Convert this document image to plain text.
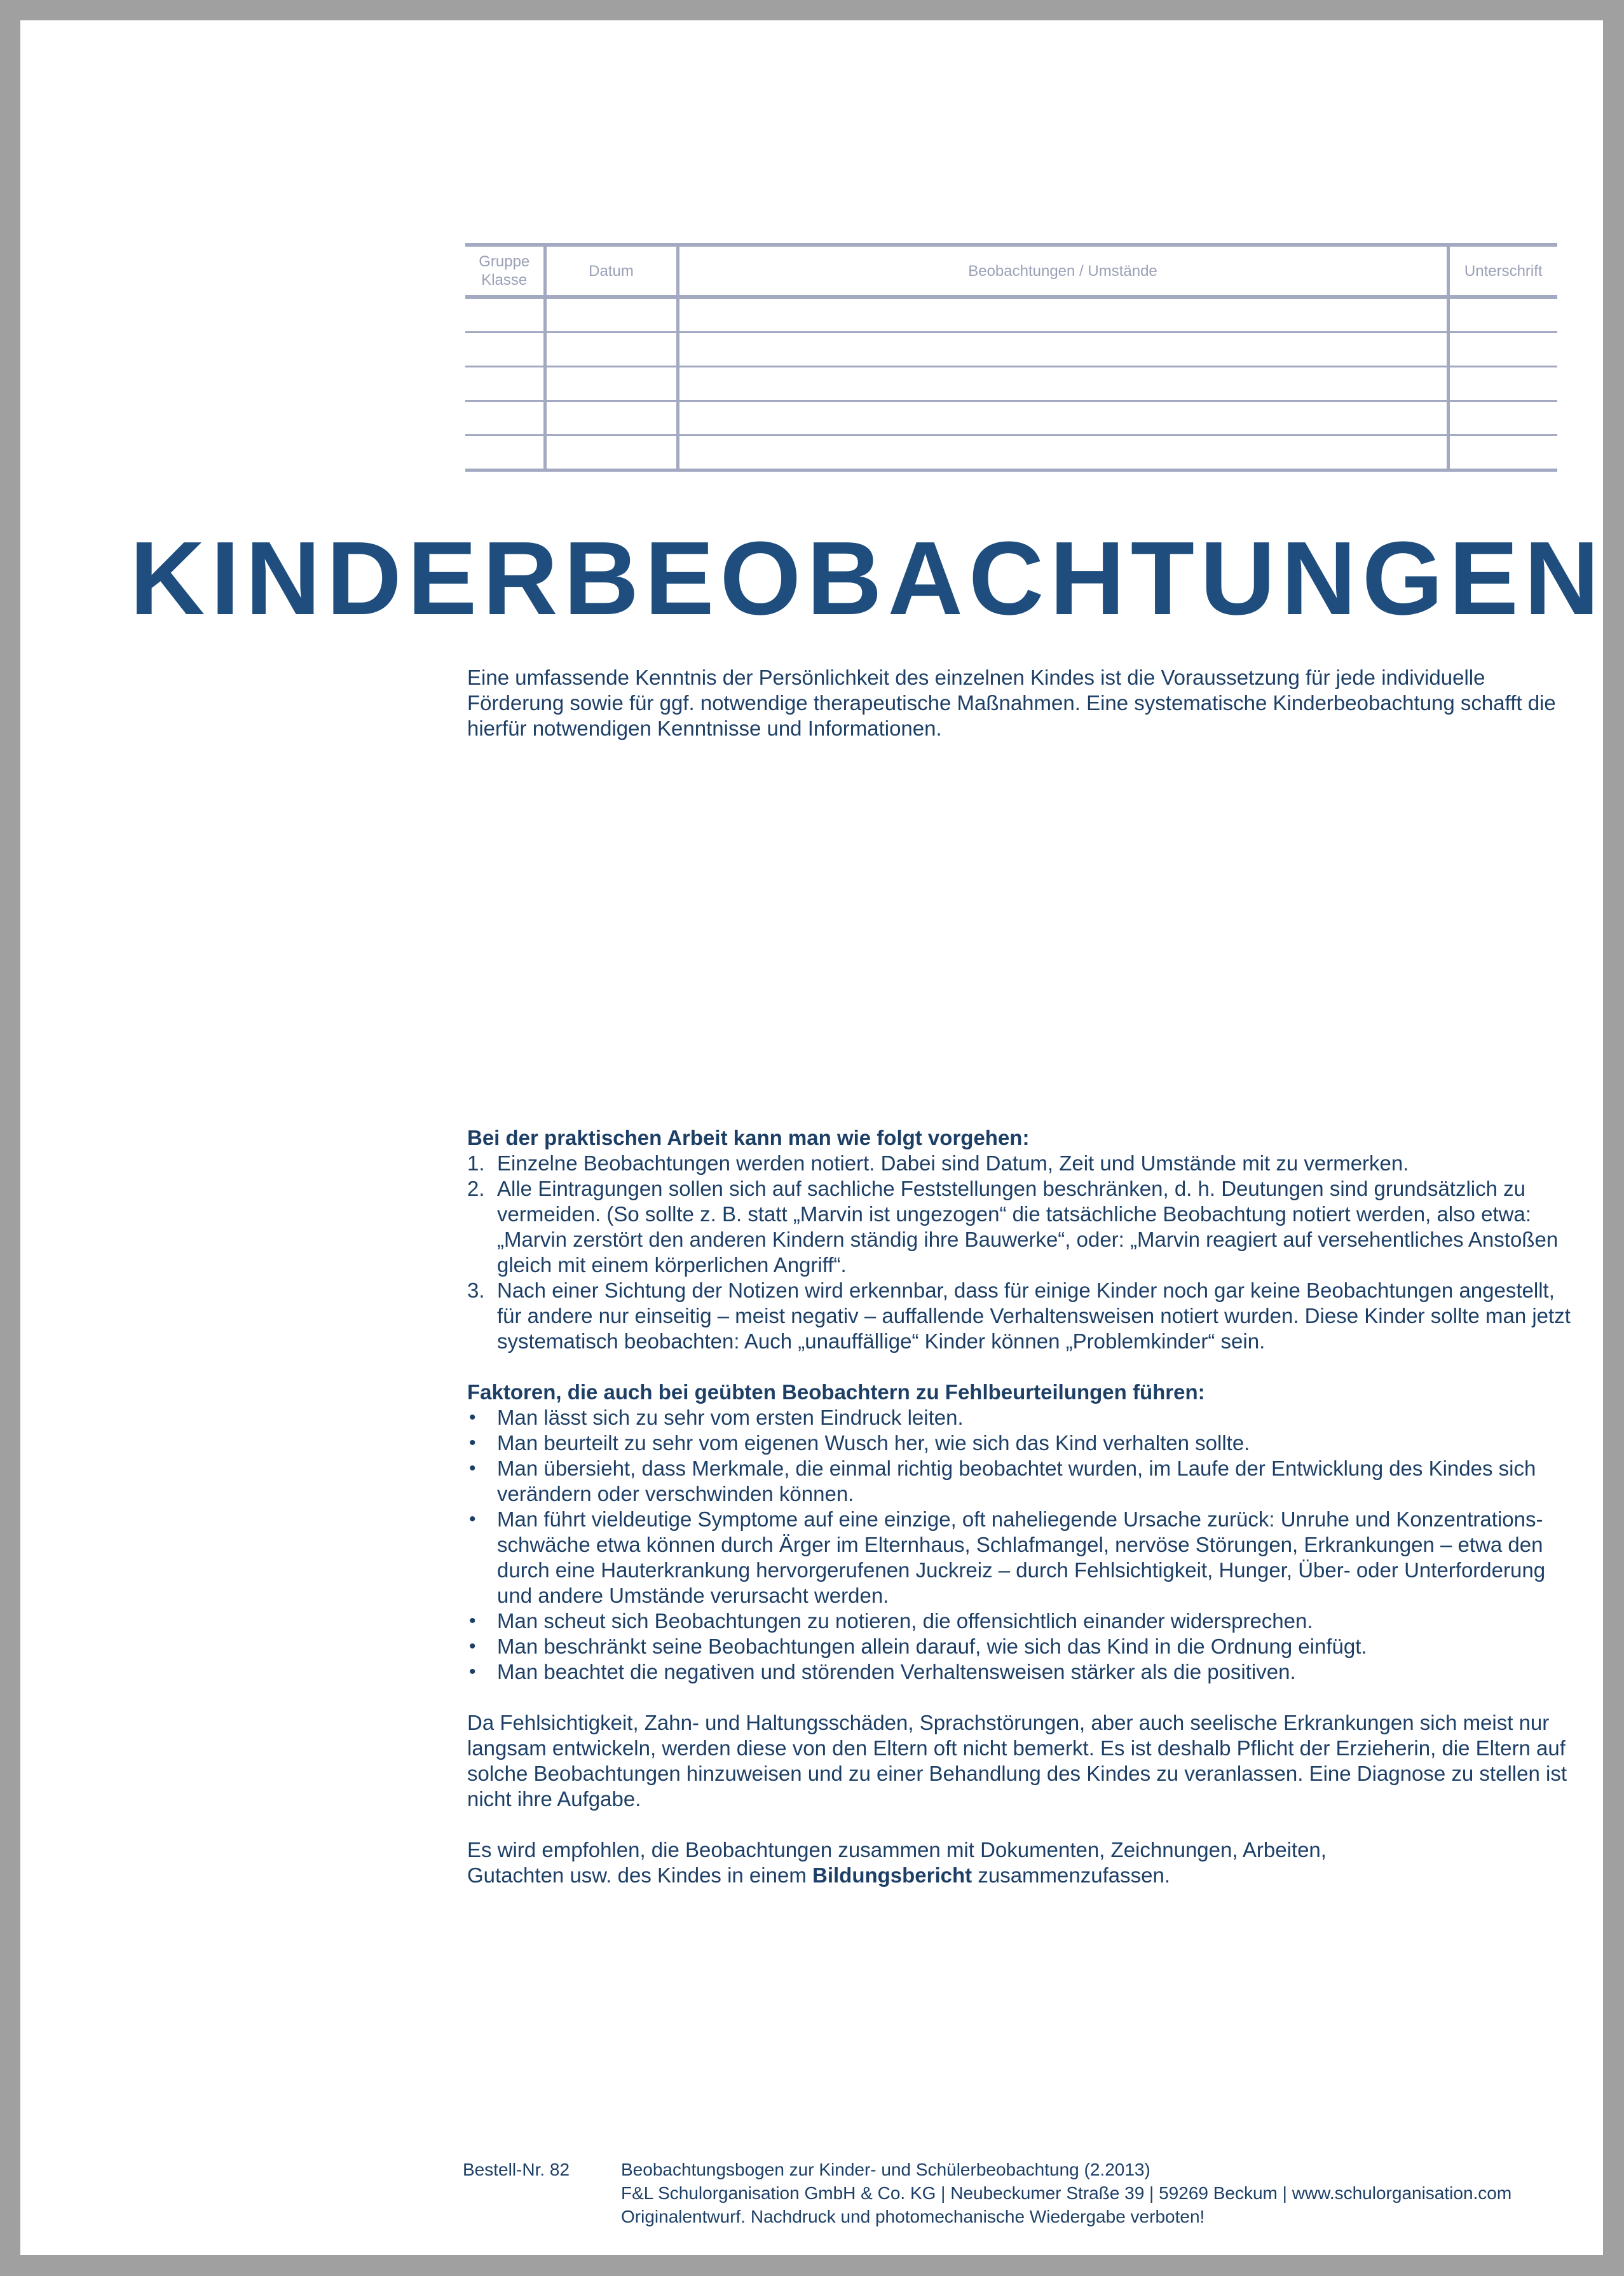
Gruppe
Klasse	Datum	Beobachtungen / Umstände	Unterschrift

KINDERBEOBACHTUNGEN

Eine umfassende Kenntnis der Persönlichkeit des einzelnen Kindes ist die Voraussetzung für jede individuelle Förderung sowie für ggf. notwendige therapeutische Maßnahmen. Eine systematische Kinderbeobachtung schafft die hierfür notwendigen Kenntnisse und Informationen.

Bei der praktischen Arbeit kann man wie folgt vorgehen:

1. Einzelne Beobachtungen werden notiert. Dabei sind Datum, Zeit und Umstände mit zu vermerken.
2. Alle Eintragungen sollen sich auf sachliche Feststellungen beschränken, d. h. Deutungen sind grundsätzlich zu vermeiden. (So sollte z. B. statt „Marvin ist ungezogen“ die tatsächliche Beobachtung notiert werden, also etwa: „Marvin zerstört den anderen Kindern ständig ihre Bauwerke“, oder: „Marvin reagiert auf versehentliches Anstoßen gleich mit einem körperlichen Angriff“.
3. Nach einer Sichtung der Notizen wird erkennbar, dass für einige Kinder noch gar keine Beobachtungen angestellt, für andere nur einseitig – meist negativ – auffallende Verhaltensweisen notiert wurden. Diese Kinder sollte man jetzt systematisch beobachten: Auch „unauffällige“ Kinder können „Problemkinder“ sein.

Faktoren, die auch bei geübten Beobachtern zu Fehlbeurteilungen führen:

• Man lässt sich zu sehr vom ersten Eindruck leiten.
• Man beurteilt zu sehr vom eigenen Wusch her, wie sich das Kind verhalten sollte.
• Man übersieht, dass Merkmale, die einmal richtig beobachtet wurden, im Laufe der Entwicklung des Kindes sich verändern oder verschwinden können.
• Man führt vieldeutige Symptome auf eine einzige, oft naheliegende Ursache zurück: Unruhe und Konzentrations-schwäche etwa können durch Ärger im Elternhaus, Schlafmangel, nervöse Störungen, Erkrankungen – etwa den durch eine Hauterkrankung hervorgerufenen Juckreiz – durch Fehlsichtigkeit, Hunger, Über- oder Unterforderung und andere Umstände verursacht werden.
• Man scheut sich Beobachtungen zu notieren, die offensichtlich einander widersprechen.
• Man beschränkt seine Beobachtungen allein darauf, wie sich das Kind in die Ordnung einfügt.
• Man beachtet die negativen und störenden Verhaltensweisen stärker als die positiven.

Da Fehlsichtigkeit, Zahn- und Haltungsschäden, Sprachstörungen, aber auch seelische Erkrankungen sich meist nur langsam entwickeln, werden diese von den Eltern oft nicht bemerkt. Es ist deshalb Pflicht der Erzieherin, die Eltern auf solche Beobachtungen hinzuweisen und zu einer Behandlung des Kindes zu veranlassen. Eine Diagnose zu stellen ist nicht ihre Aufgabe.

Es wird empfohlen, die Beobachtungen zusammen mit Dokumenten, Zeichnungen, Arbeiten,
Gutachten usw. des Kindes in einem Bildungsbericht zusammenzufassen.

Bestell-Nr. 82	Beobachtungsbogen zur Kinder- und Schülerbeobachtung (2.2013)
F&L Schulorganisation GmbH & Co. KG | Neubeckumer Straße 39 | 59269 Beckum | www.schulorganisation.com
Originalentwurf. Nachdruck und photomechanische Wiedergabe verboten!
